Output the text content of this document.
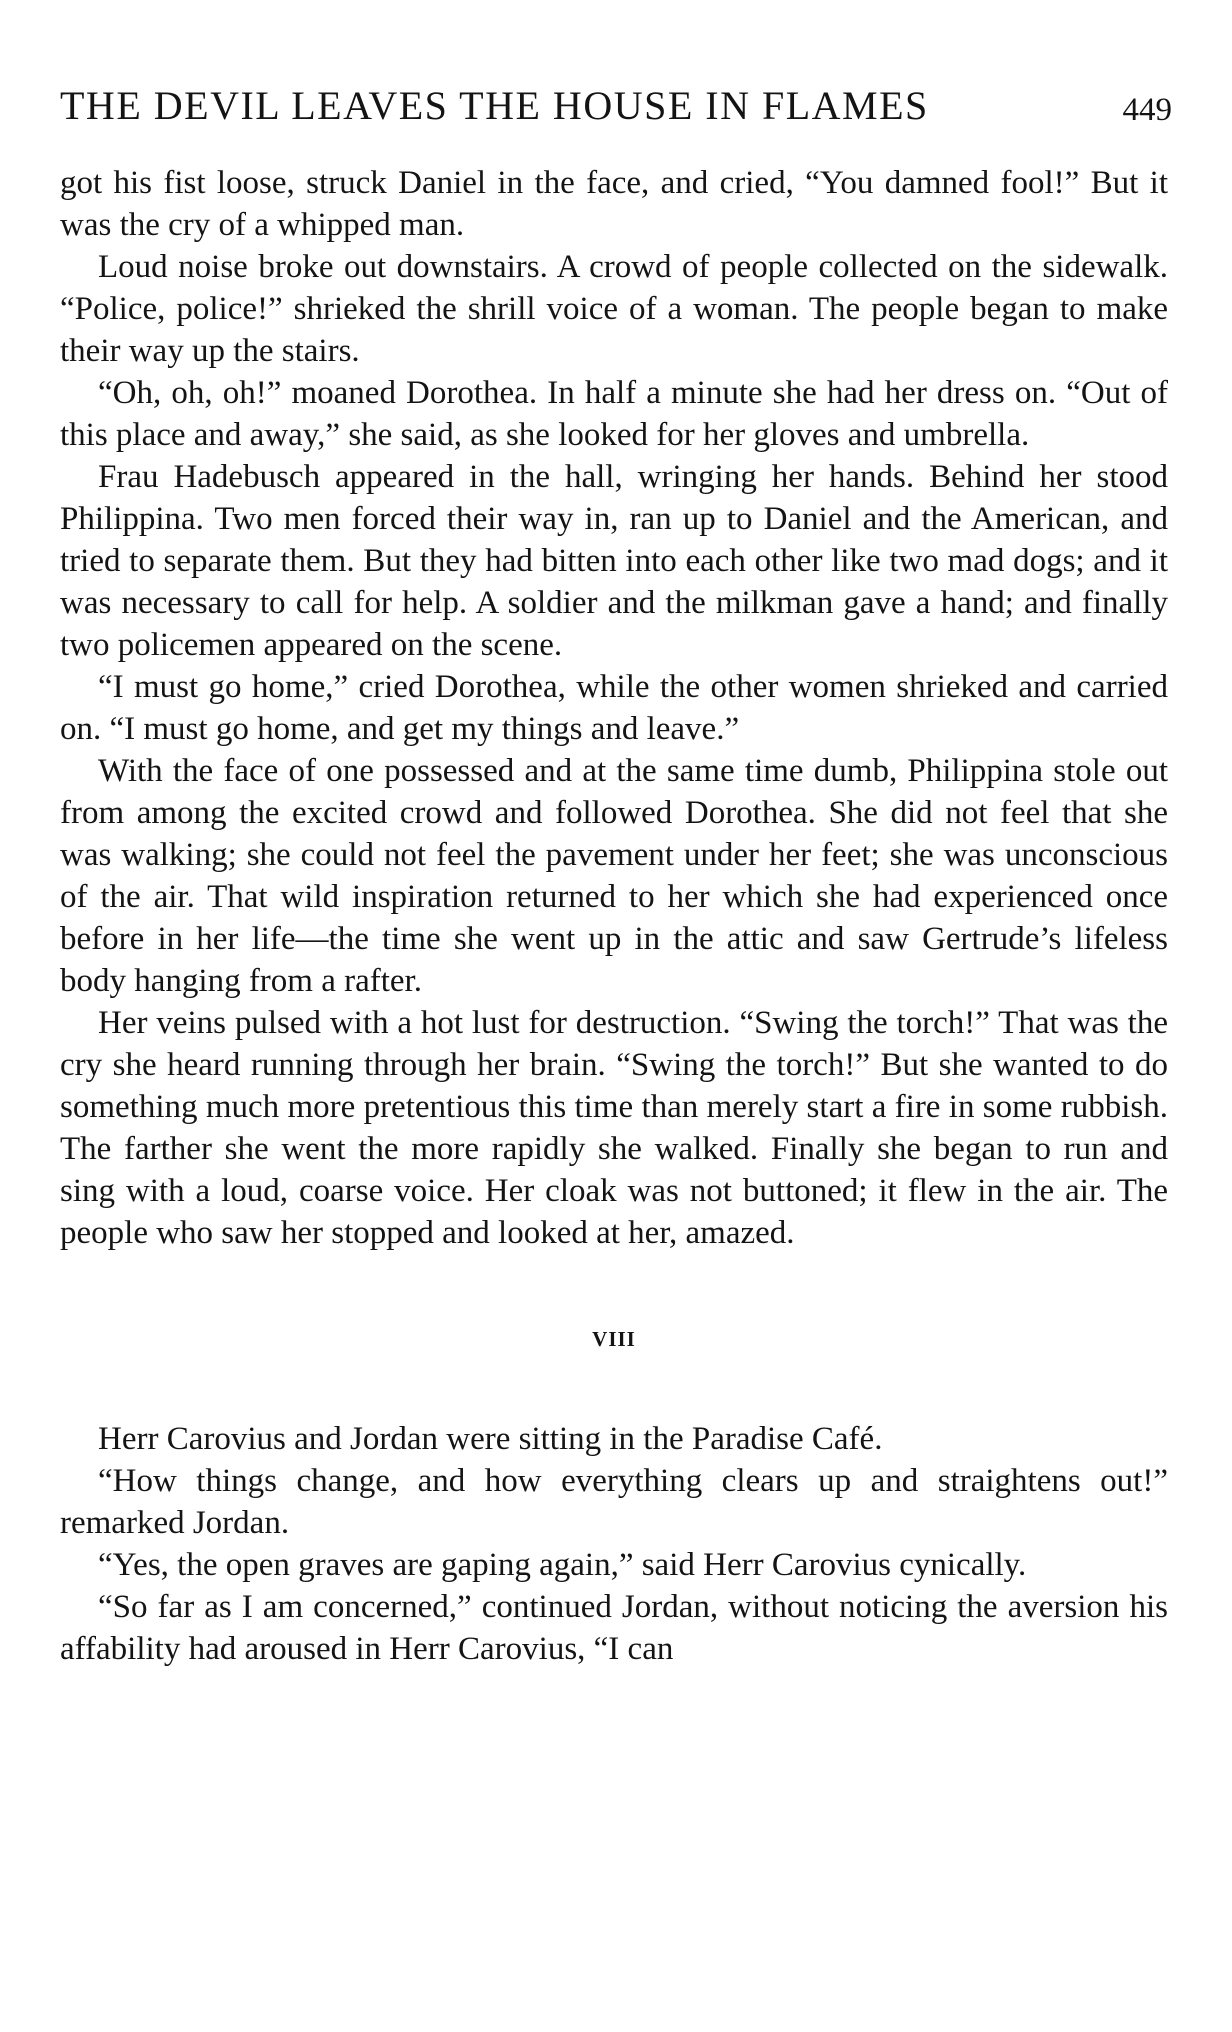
THE DEVIL LEAVES THE HOUSE IN FLAMES	449

got his fist loose, struck Daniel in the face, and cried, “You damned fool!” But it was the cry of a whipped man.

Loud noise broke out downstairs. A crowd of people collected on the sidewalk. “Police, police!” shrieked the shrill voice of a woman. The people began to make their way up the stairs.

“Oh, oh, oh!” moaned Dorothea. In half a minute she had her dress on. “Out of this place and away,” she said, as she looked for her gloves and umbrella.

Frau Hadebusch appeared in the hall, wringing her hands. Behind her stood Philippina. Two men forced their way in, ran up to Daniel and the American, and tried to separate them. But they had bitten into each other like two mad dogs; and it was necessary to call for help. A soldier and the milkman gave a hand; and finally two policemen appeared on the scene.

“I must go home,” cried Dorothea, while the other women shrieked and carried on. “I must go home, and get my things and leave.”

With the face of one possessed and at the same time dumb, Philippina stole out from among the excited crowd and followed Dorothea. She did not feel that she was walking; she could not feel the pavement under her feet; she was unconscious of the air. That wild inspiration returned to her which she had experienced once before in her life—the time she went up in the attic and saw Gertrude’s lifeless body hanging from a rafter.

Her veins pulsed with a hot lust for destruction. “Swing the torch!” That was the cry she heard running through her brain. “Swing the torch!” But she wanted to do something much more pretentious this time than merely start a fire in some rubbish. The farther she went the more rapidly she walked. Finally she began to run and sing with a loud, coarse voice. Her cloak was not buttoned; it flew in the air. The people who saw her stopped and looked at her, amazed.

VIII

Herr Carovius and Jordan were sitting in the Paradise Café.

“How things change, and how everything clears up and straightens out!” remarked Jordan.

“Yes, the open graves are gaping again,” said Herr Carovius cynically.

“So far as I am concerned,” continued Jordan, without noticing the aversion his affability had aroused in Herr Carovius, “I can
